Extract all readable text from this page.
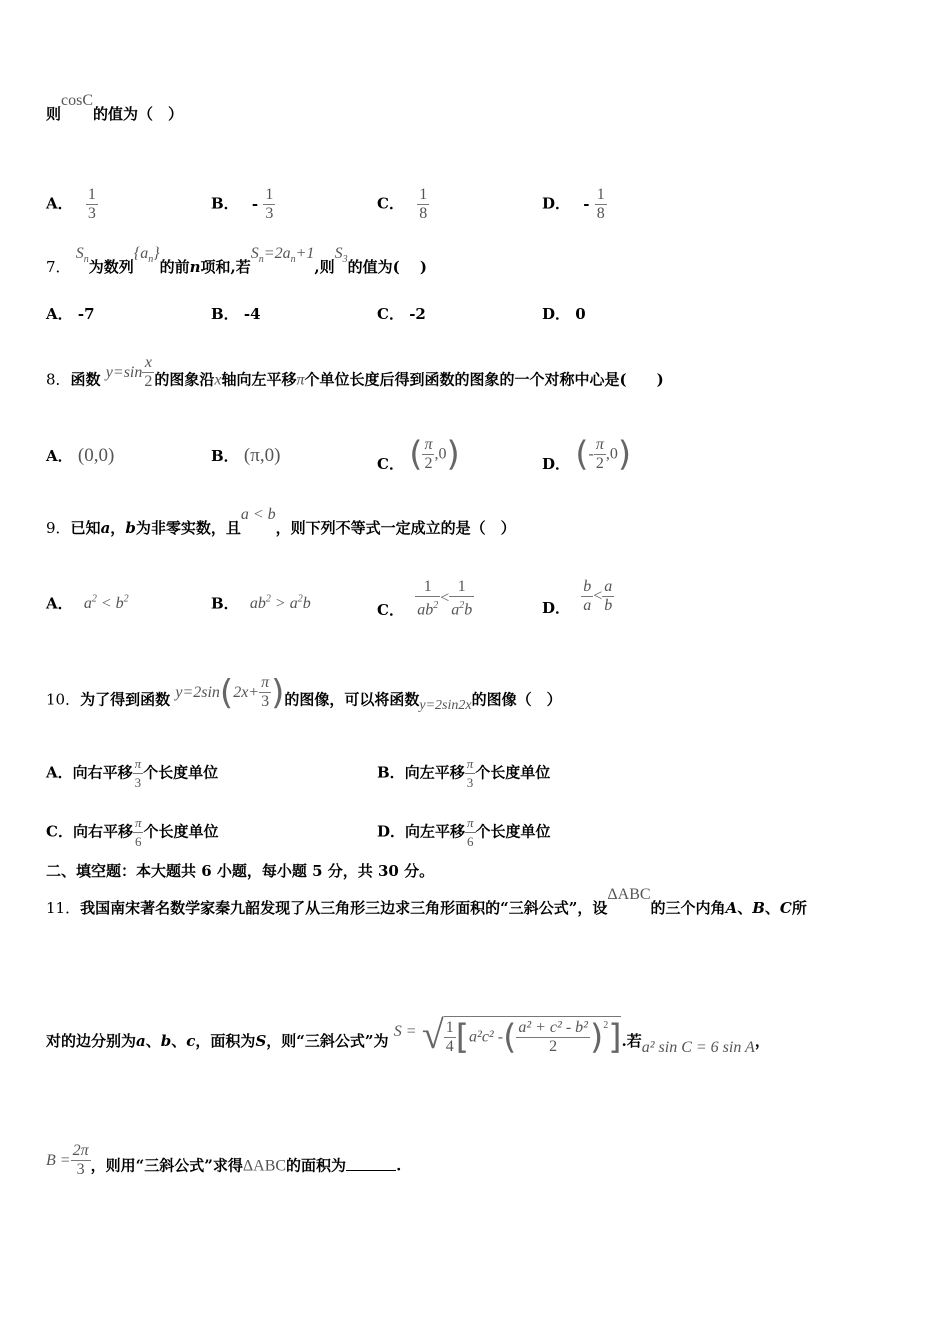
则cosC的值为（　）
A． $\frac{1}{3}$	B． - $\frac{1}{3}$	C． $\frac{1}{8}$	D． - $\frac{1}{8}$
7． $S_n$为数列$\{a_n\}$的前n项和,若$S_n=2a_n+1$,则$S_3$的值为(　 )
A． -7	B． -4	C． -2	D． 0
8．函数 $y=\sin \frac{x}{2}$ 的图象沿x轴向左平移π个单位长度后得到函数的图象的一个对称中心是(　　)
A． (0,0)	B． (π,0)	C． ( $\frac{\pi}{2} ,0$)	D． (- $\frac{\pi}{2} ,0$)
9．已知a，b为非零实数，且a < b，则下列不等式一定成立的是（　）
A． $a^2 < b^2$	B． $ab^2 > a^2b$	C． $\frac{1}{ab^2} < \frac{1}{a^2b}$	D． $\frac{b}{a} < \frac{a}{b}$
10．为了得到函数 $y=2\sin(2x+ \frac{\pi}{3}$ )的图像，可以将函数y=2sin2x的图像（　）
A．向右平移 $\frac{\pi}{3}$ 个长度单位	B．向左平移 $\frac{\pi}{3}$ 个长度单位
C．向右平移 $\frac{\pi}{6}$ 个长度单位	D．向左平移 $\frac{\pi}{6}$ 个长度单位
二、填空题：本大题共 6 小题，每小题 5 分，共 30 分。
11．我国南宋著名数学家秦九韶发现了从三角形三边求三角形面积的“三斜公式”，设ΔABC的三个内角A、B、C所
对的边分别为a、b、c，面积为S，则“三斜公式”为 S = √ $\frac{1}{4} [a^2c^2$ -( $\frac{\text{a² + c² - b²}}{2} )^2$].若a² sin C = 6 sin A，
$B = \frac{2\pi}{3}$ ，则用“三斜公式”求得ΔABC的面积为	.
